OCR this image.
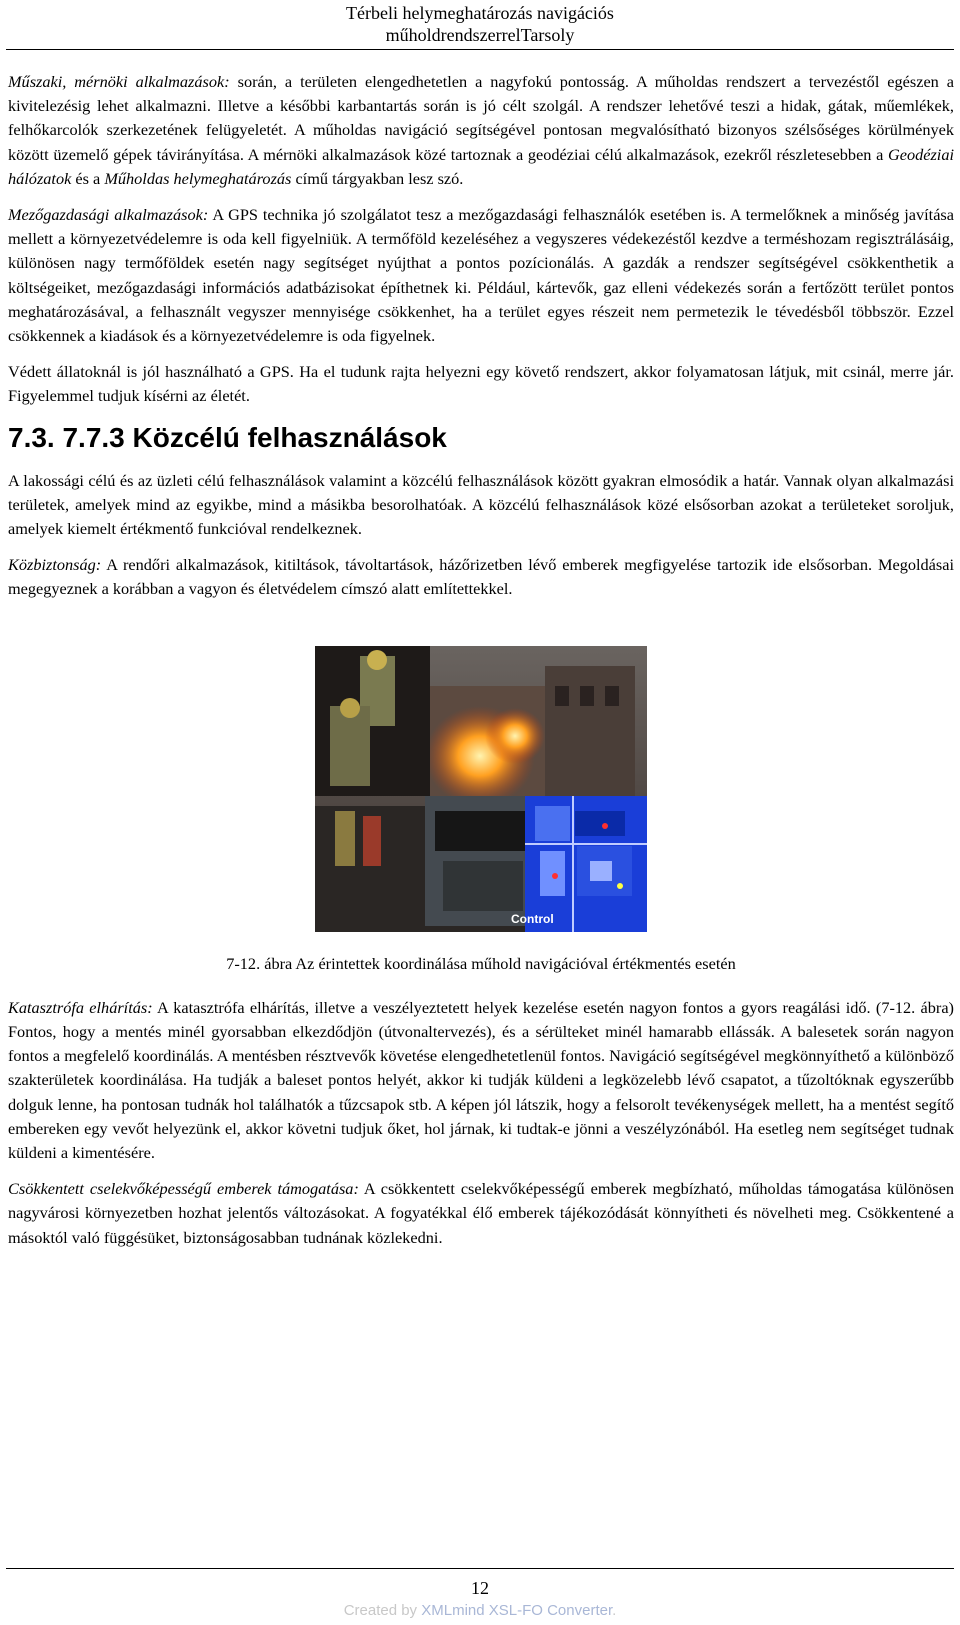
Térbeli helymeghatározás navigációs
műholdrendszerrelTarsoly

Műszaki, mérnöki alkalmazások: során, a területen elengedhetetlen a nagyfokú pontosság. A műholdas rendszert a tervezéstől egészen a kivitelezésig lehet alkalmazni. Illetve a későbbi karbantartás során is jó célt szolgál. A rendszer lehetővé teszi a hidak, gátak, műemlékek, felhőkarcolók szerkezetének felügyeletét. A műholdas navigáció segítségével pontosan megvalósítható bizonyos szélsőséges körülmények között üzemelő gépek távirányítása. A mérnöki alkalmazások közé tartoznak a geodéziai célú alkalmazások, ezekről részletesebben a Geodéziai hálózatok és a Műholdas helymeghatározás című tárgyakban lesz szó.

Mezőgazdasági alkalmazások: A GPS technika jó szolgálatot tesz a mezőgazdasági felhasználók esetében is. A termelőknek a minőség javítása mellett a környezetvédelemre is oda kell figyelniük. A termőföld kezeléséhez a vegyszeres védekezéstől kezdve a terméshozam regisztrálásáig, különösen nagy termőföldek esetén nagy segítséget nyújthat a pontos pozícionálás. A gazdák a rendszer segítségével csökkenthetik a költségeiket, mezőgazdasági információs adatbázisokat építhetnek ki. Például, kártevők, gaz elleni védekezés során a fertőzött terület pontos meghatározásával, a felhasznált vegyszer mennyisége csökkenhet, ha a terület egyes részeit nem permetezik le tévedésből többször. Ezzel csökkennek a kiadások és a környezetvédelemre is oda figyelnek.

Védett állatoknál is jól használható a GPS. Ha el tudunk rajta helyezni egy követő rendszert, akkor folyamatosan látjuk, mit csinál, merre jár. Figyelemmel tudjuk kísérni az életét.

7.3. 7.7.3 Közcélú felhasználások

A lakossági célú és az üzleti célú felhasználások valamint a közcélú felhasználások között gyakran elmosódik a határ. Vannak olyan alkalmazási területek, amelyek mind az egyikbe, mind a másikba besorolhatóak. A közcélú felhasználások közé elsősorban azokat a területeket soroljuk, amelyek kiemelt értékmentő funkcióval rendelkeznek.

Közbiztonság: A rendőri alkalmazások, kitiltások, távoltartások, házőrizetben lévő emberek megfigyelése tartozik ide elsősorban. Megoldásai megegyeznek a korábban a vagyon és életvédelem címszó alatt említettekkel.

Control
7-12. ábra Az érintettek koordinálása műhold navigációval értékmentés esetén

Katasztrófa elhárítás: A katasztrófa elhárítás, illetve a veszélyeztetett helyek kezelése esetén nagyon fontos a gyors reagálási idő. (7-12. ábra) Fontos, hogy a mentés minél gyorsabban elkezdődjön (útvonaltervezés), és a sérülteket minél hamarabb ellássák. A balesetek során nagyon fontos a megfelelő koordinálás. A mentésben résztvevők követése elengedhetetlenül fontos. Navigáció segítségével megkönnyíthető a különböző szakterületek koordinálása. Ha tudják a baleset pontos helyét, akkor ki tudják küldeni a legközelebb lévő csapatot, a tűzoltóknak egyszerűbb dolguk lenne, ha pontosan tudnák hol találhatók a tűzcsapok stb. A képen jól látszik, hogy a felsorolt tevékenységek mellett, ha a mentést segítő embereken egy vevőt helyezünk el, akkor követni tudjuk őket, hol járnak, ki tudtak-e jönni a veszélyzónából. Ha esetleg nem segítséget tudnak küldeni a kimentésére.

Csökkentett cselekvőképességű emberek támogatása: A csökkentett cselekvőképességű emberek megbízható, műholdas támogatása különösen nagyvárosi környezetben hozhat jelentős változásokat. A fogyatékkal élő emberek tájékozódását könnyítheti és növelheti meg. Csökkentené a másoktól való függésüket, biztonságosabban tudnának közlekedni.

12
Created by XMLmind XSL-FO Converter.
